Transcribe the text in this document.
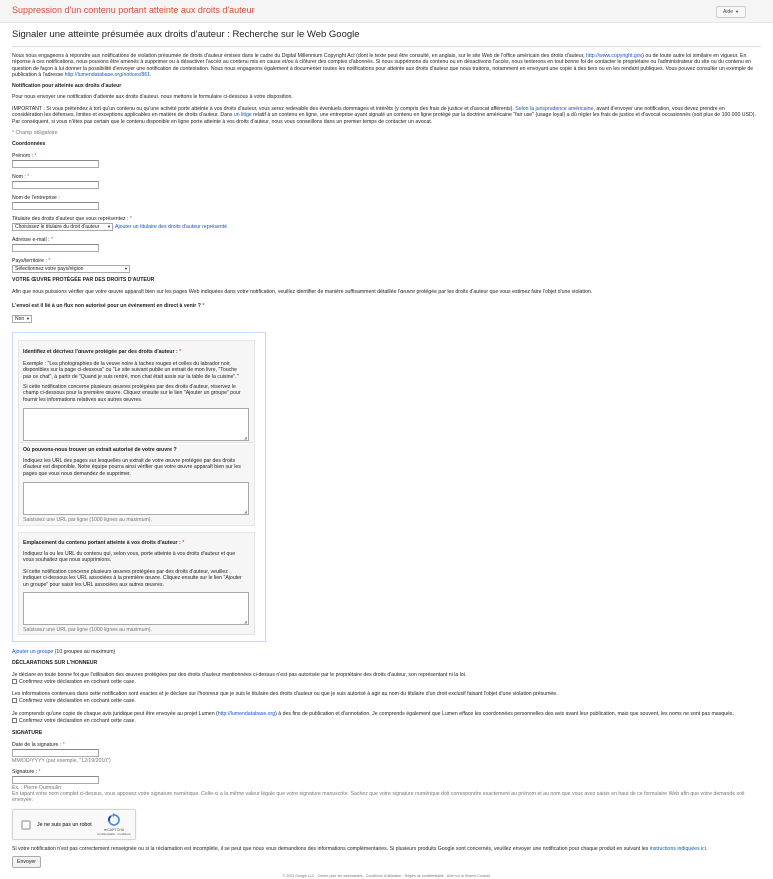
Suppression d'un contenu portant atteinte aux droits d'auteur	Aide ▼
Signaler une atteinte présumée aux droits d'auteur : Recherche sur le Web Google
Nous nous engageons à répondre aux notifications de violation présumée de droits d'auteur émises dans le cadre du Digital Millennium Copyright Act (dont le texte peut être consulté, en anglais, sur le site Web de l'office américain des droits d'auteur, http://www.copyright.gov) ou de toute autre loi similaire en vigueur. En réponse à ces notifications, nous pouvons être amenés à supprimer ou à désactiver l'accès au contenu mis en cause et/ou à clôturer des comptes d'abonnés. Si nous supprimons du contenu ou en désactivons l'accès, nous tenterons en tout bonne foi de contacter le propriétaire ou l'administrateur du site ou du contenu en question de façon à lui donner la possibilité d'envoyer une notification de contestation. Nous nous engageons également à documenter toutes les notifications pour atteinte aux droits d'auteur que nous traitons, notamment en envoyant une copie à des tiers ou en les rendant publiques. Vous pouvez consulter un exemple de publication à l'adresse http://lumendatabase.org/notices/861.
Notification pour atteinte aux droits d'auteur
Pour nous envoyer une notification d'atteinte aux droits d'auteur, nous mettons le formulaire ci-dessous à votre disposition.
IMPORTANT : Si vous prétendez à tort qu'un contenu ou qu'une activité porte atteinte à vos droits d'auteur, vous serez redevable des éventuels dommages et intérêts (y compris des frais de justice et d'avocat afférents). Selon la jurisprudence américaine, avant d'envoyer une notification, vous devez prendre en considération les défenses, limites et exceptions applicables en matière de droits d'auteur. Dans un litige relatif à un contenu en ligne, une entreprise ayant signalé un contenu en ligne protégé par la doctrine américaine "fair use" (usage loyal) a dû régler les frais de justice et d'avocat occasionnés (soit plus de 100 000 USD). Par conséquent, si vous n'êtes pas certain que le contenu disponible en ligne porte atteinte à vos droits d'auteur, nous vous conseillons dans un premier temps de contacter un avocat.
* Champ obligatoire
Coordonnées
Prénom : *
Nom : *
Nom de l'entreprise :
Titulaire des droits d'auteur que vous représentez : *
Choisissez le titulaire du droit d'auteur ▼ Ajouter un titulaire des droits d'auteur représenté
Adresse e-mail : *
Pays/territoire : *
Sélectionnez votre pays/région	▼
VOTRE ŒUVRE PROTÉGÉE PAR DES DROITS D'AUTEUR
Afin que nous puissions vérifier que votre œuvre apparaît bien sur les pages Web indiquées dans votre notification, veuillez identifier de manière suffisamment détaillée l'œuvre protégée par les droits d'auteur que vous estimez faire l'objet d'une violation.
L'envoi est il lié à un flux non autorisé pour un événement en direct à venir ? *
Non ▼
Identifiez et décrivez l'œuvre protégée par des droits d'auteur : *
Exemple : "Les photographies de la veuve noire à taches rouges et celles du labrador noir, disponibles sur la page ci-dessous" ou "Le site suivant publie un extrait de mon livre, "Touche pas ce chat", à partir de "Quand je suis rentré, mon chat était assis sur la table de la cuisine"."
Si cette notification concerne plusieurs œuvres protégées par des droits d'auteur, réservez le champ ci-dessous pour la première œuvre. Cliquez ensuite sur le lien "Ajouter un groupe" pour fournir les informations relatives aux autres œuvres.
◢
Où pouvons-nous trouver un extrait autorisé de votre œuvre ?
Indiquez les URL des pages sur lesquelles un extrait de votre œuvre protégée par des droits d'auteur est disponible. Notre équipe pourra ainsi vérifier que votre œuvre apparaît bien sur les pages que vous nous demandez de supprimer.
◢
Saisissez une URL par ligne (1000 lignes au maximum).
Emplacement du contenu portant atteinte à vos droits d'auteur : *
Indiquez la ou les URL du contenu qui, selon vous, porte atteinte à vos droits d'auteur et que vous souhaitez que nous supprimions.
Si cette notification concerne plusieurs œuvres protégées par des droits d'auteur, veuillez indiquer ci-dessous les URL associées à la première œuvre. Cliquez ensuite sur le lien "Ajouter un groupe" pour saisir les URL associées aux autres œuvres.
◢
Saisissez une URL par ligne (1000 lignes au maximum).
Ajouter un groupe (10 groupes au maximum)
DÉCLARATIONS SUR L'HONNEUR
Je déclare en toute bonne foi que l'utilisation des œuvres protégées par des droits d'auteur mentionnées ci-dessus n'est pas autorisée par le propriétaire des droits d'auteur, son représentant ni la loi.
Confirmez votre déclaration en cochant cette case.
Les informations contenues dans cette notification sont exactes et je déclare sur l'honneur que je suis le titulaire des droits d'auteur ou que je suis autorisé à agir au nom du titulaire d'un droit exclusif faisant l'objet d'une violation présumée.
Confirmez votre déclaration en cochant cette case.
Je comprends qu'une copie de chaque avis juridique peut être envoyée au projet Lumen (http://lumendatabase.org) à des fins de publication et d'annotation. Je comprends également que Lumen efface les coordonnées personnelles des avis avant leur publication, mais que souvent, les noms ne sont pas masqués.
Confirmez votre déclaration en cochant cette case.
SIGNATURE
Date de la signature : *
MM/DD/YYYY (par exemple, "12/19/2010")
Signature : *
Ex. : Pierre Dumoulin
En tapant votre nom complet ci-dessus, vous apposez votre signature numérique. Celle-ci a la même valeur légale que votre signature manuscrite. Sachez que votre signature numérique doit correspondre exactement au prénom et au nom que vous avez saisis en haut de ce formulaire Web afin que votre demande soit envoyée.
Je ne suis pas un robot
reCAPTCHA
Confidentialité - Conditions
Si votre notification n'est pas correctement renseignée ou si la réclamation est incomplète, il se peut que nous vous demandions des informations complémentaires. Si plusieurs produits Google sont concernés, veuillez envoyer une notification pour chaque produit en suivant les instructions indiquées ici.
Envoyer
© 2023 Google LLC - Centre pour les webmasters - Conditions d'utilisation - Règles de confidentialité - Aide sur la Search Console
